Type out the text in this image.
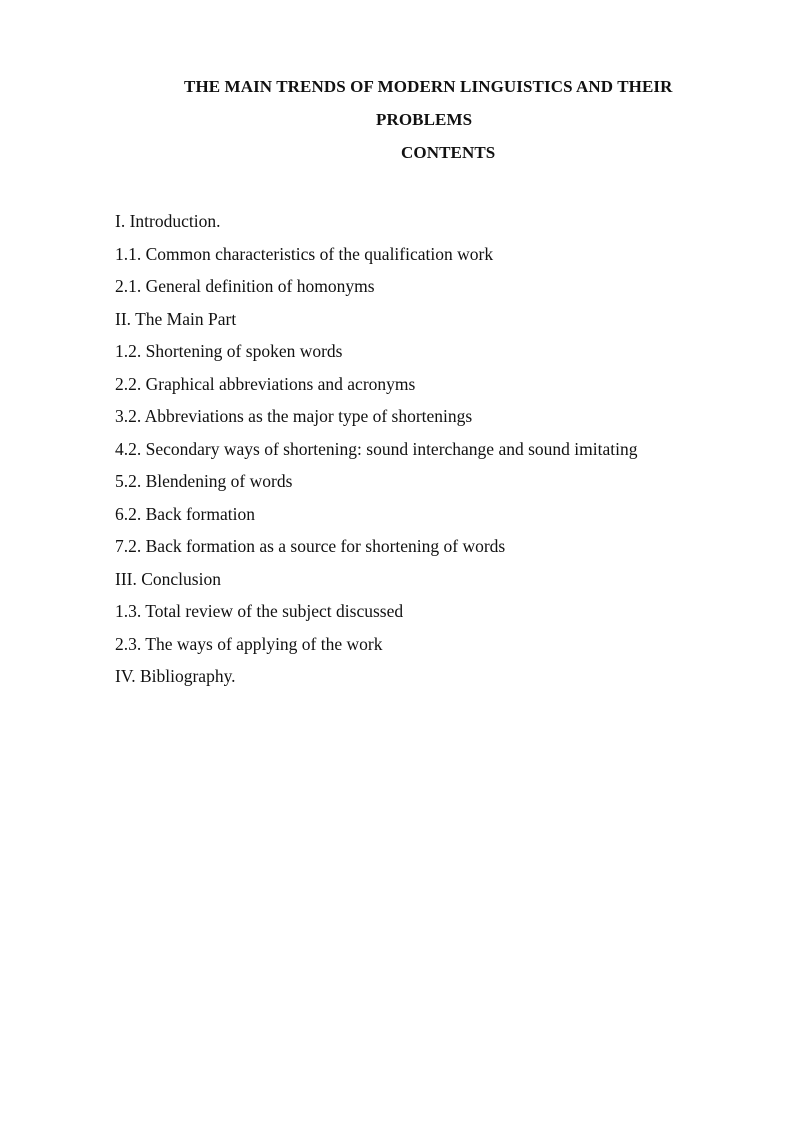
THE MAIN TRENDS OF MODERN LINGUISTICS AND THEIR
PROBLEMS
CONTENTS
I. Introduction.
1.1. Common characteristics of the qualification work
2.1. General definition of homonyms
II. The Main Part
1.2. Shortening of spoken words
2.2. Graphical abbreviations and acronyms
3.2. Abbreviations as the major type of shortenings
4.2. Secondary ways of shortening: sound interchange and sound imitating
5.2. Blendening of words
6.2. Back formation
7.2. Back formation as a source for shortening of words
III. Conclusion
1.3. Total review of the subject discussed
2.3. The ways of applying of the work
IV. Bibliography.
